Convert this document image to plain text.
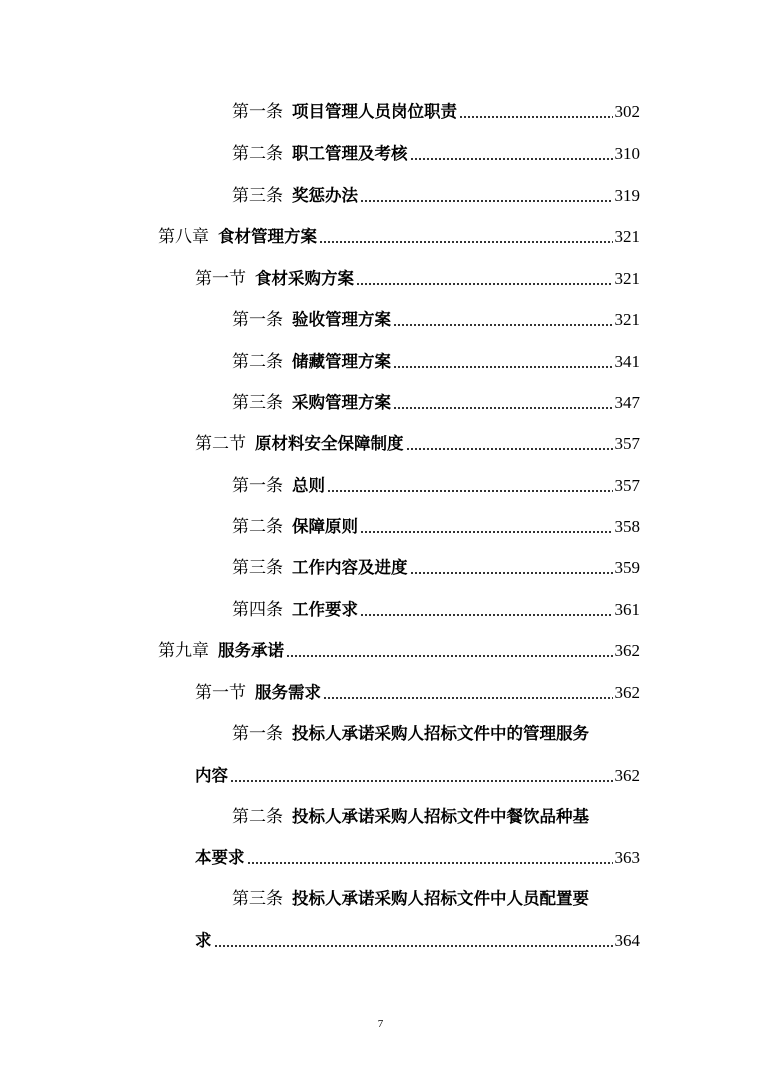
第一条 项目管理人员岗位职责	302
第二条 职工管理及考核	310
第三条 奖惩办法	319
第八章 食材管理方案	321
第一节 食材采购方案	321
第一条 验收管理方案	321
第二条 储藏管理方案	341
第三条 采购管理方案	347
第二节 原材料安全保障制度	357
第一条 总则	357
第二条 保障原则	358
第三条 工作内容及进度	359
第四条 工作要求	361
第九章 服务承诺	362
第一节 服务需求	362
第一条 投标人承诺采购人招标文件中的管理服务
内容	362
第二条 投标人承诺采购人招标文件中餐饮品种基
本要求	363
第三条 投标人承诺采购人招标文件中人员配置要
求	364
7
